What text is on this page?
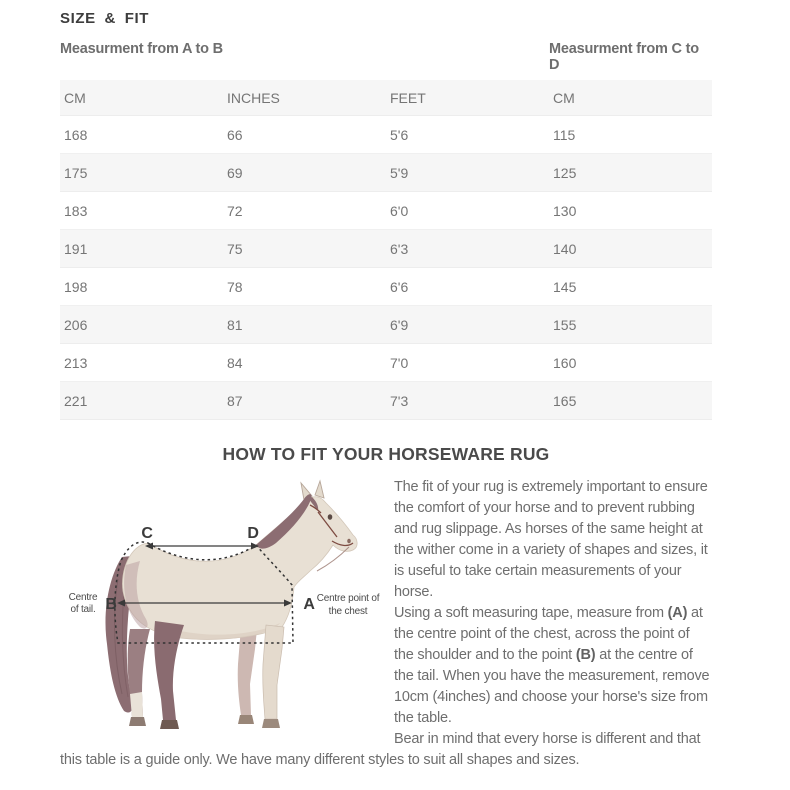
SIZE & FIT
Measurment from A to B	Measurment from C to D
CM	INCHES	FEET	CM
168	66	5'6	115
175	69	5'9	125
183	72	6'0	130
191	75	6'3	140
198	78	6'6	145
206	81	6'9	155
213	84	7'0	160
221	87	7'3	165
HOW TO FIT YOUR HORSEWARE RUG
C	D
B	A
Centre
of tail.
Centre point of
the chest
The fit of your rug is extremely important to ensure the comfort of your horse and to prevent rubbing and rug slippage. As horses of the same height at the wither come in a variety of shapes and sizes, it is useful to take certain measurements of your horse.
Using a soft measuring tape, measure from (A) at the centre point of the chest, across the point of the shoulder and to the point (B) at the centre of the tail. When you have the measurement, remove 10cm (4inches) and choose your horse's size from the table.
Bear in mind that every horse is different and that this table is a guide only. We have many different styles to suit all shapes and sizes.
